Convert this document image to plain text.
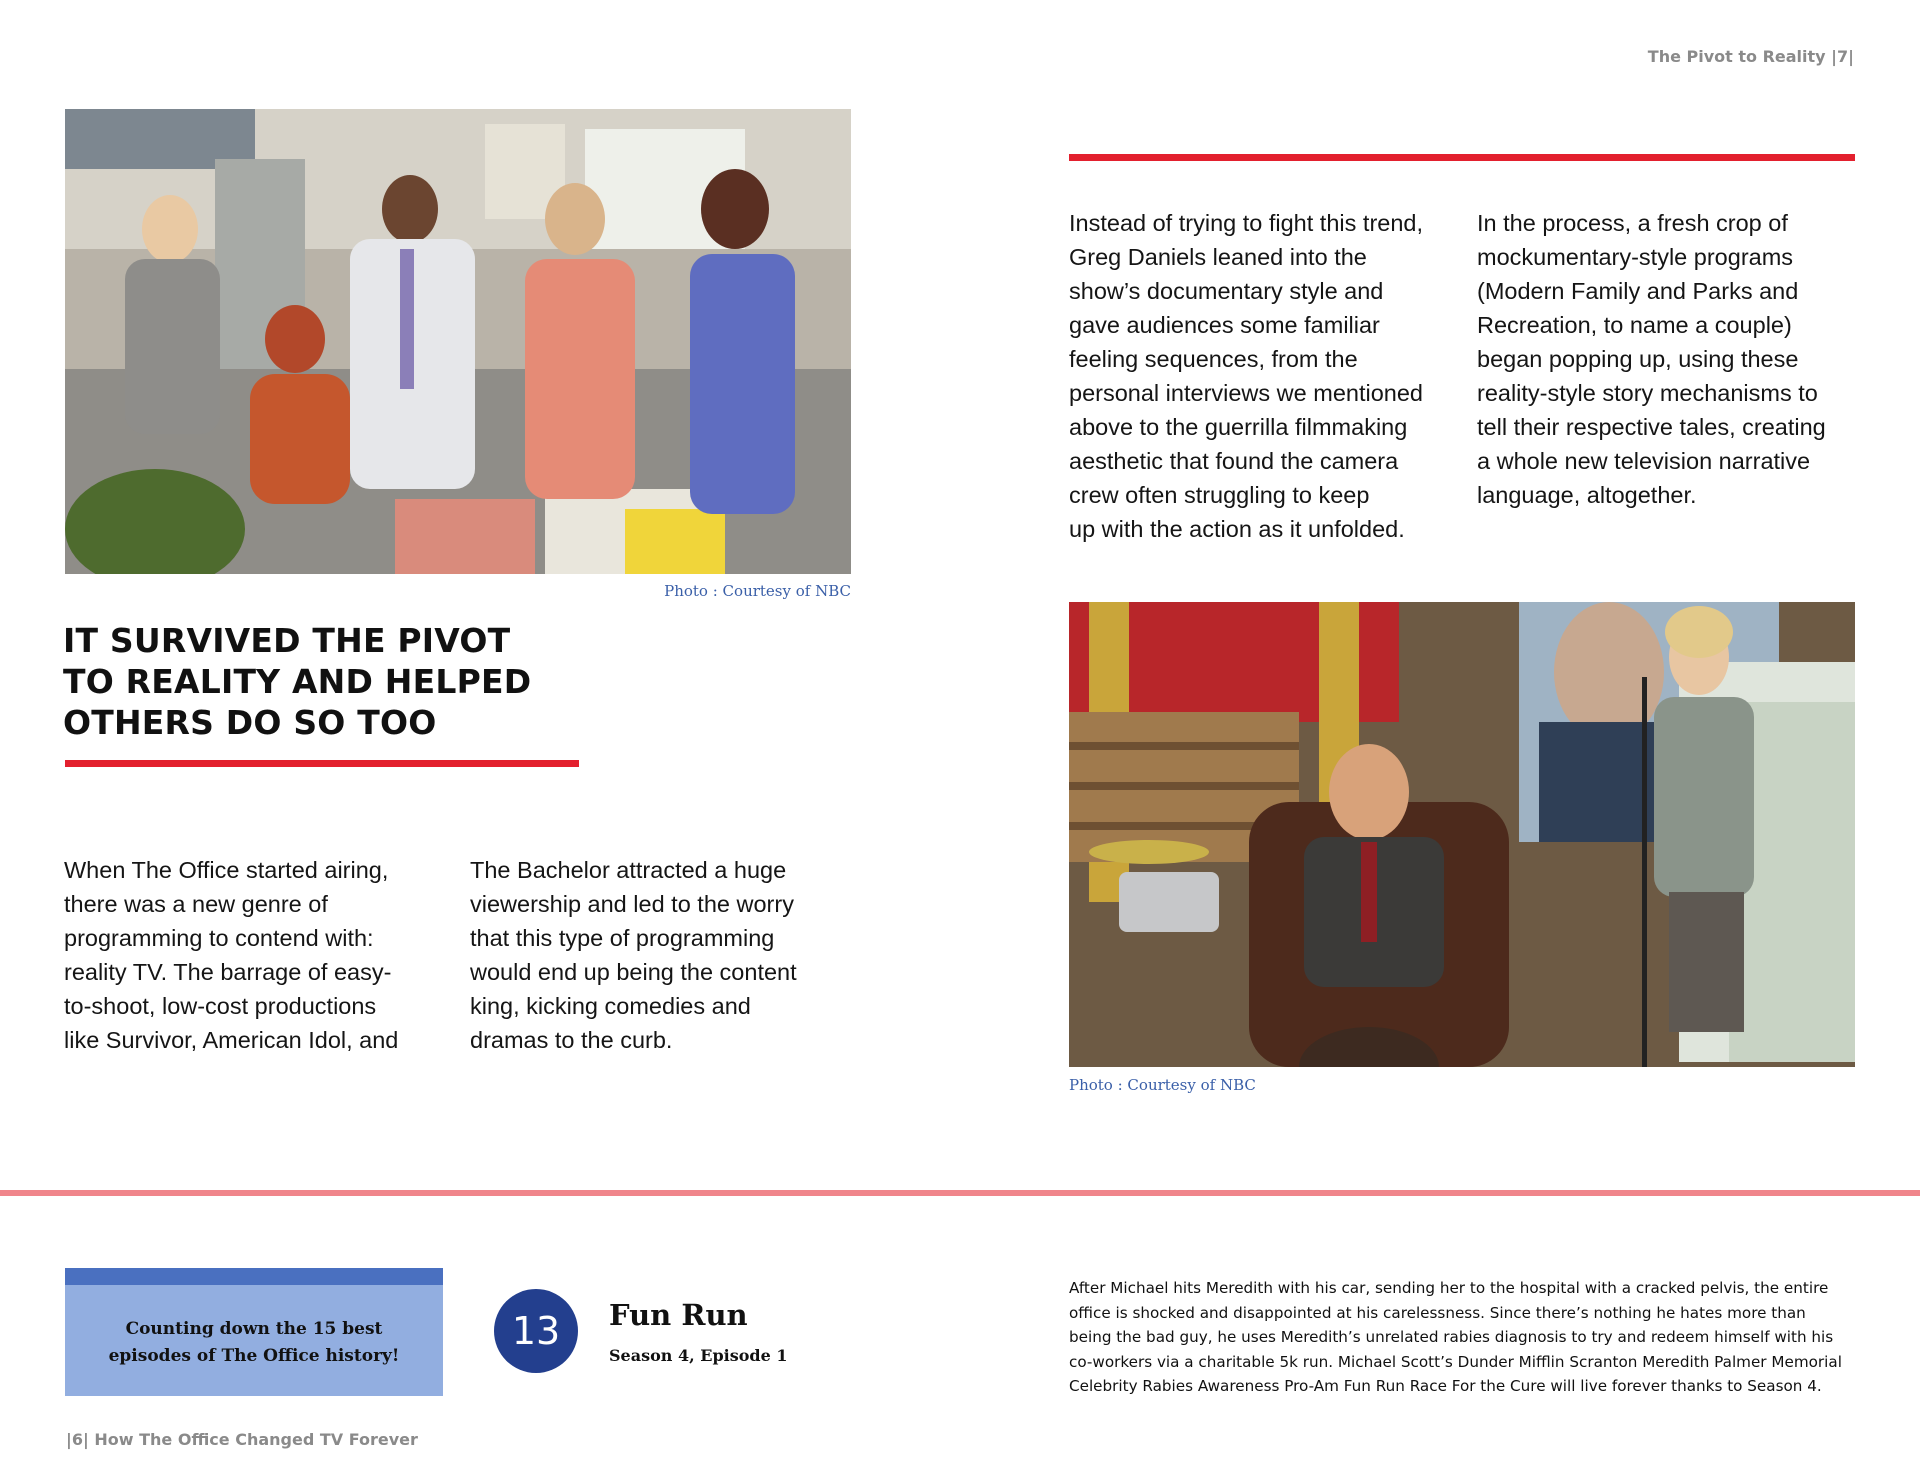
The Pivot to Reality |7|
|6| How The Office Changed TV Forever
Photo : Courtesy of NBC
IT SURVIVED THE PIVOT
TO REALITY AND HELPED
OTHERS DO SO TOO
When The Office started airing,
there was a new genre of
programming to contend with:
reality TV. The barrage of easy-
to-shoot, low-cost productions
like Survivor, American Idol, and
The Bachelor attracted a huge
viewership and led to the worry
that this type of programming
would end up being the content
king, kicking comedies and
dramas to the curb.
Instead of trying to fight this trend,
Greg Daniels leaned into the
show’s documentary style and
gave audiences some familiar
feeling sequences, from the
personal interviews we mentioned
above to the guerrilla filmmaking
aesthetic that found the camera
crew often struggling to keep
up with the action as it unfolded.
In the process, a fresh crop of
mockumentary-style programs
(Modern Family and Parks and
Recreation, to name a couple)
began popping up, using these
reality-style story mechanisms to
tell their respective tales, creating
a whole new television narrative
language, altogether.
Photo : Courtesy of NBC
Counting down the 15 best
episodes of The Office history!
13	Fun Run
Season 4, Episode 1
After Michael hits Meredith with his car, sending her to the hospital with a cracked pelvis, the entire
office is shocked and disappointed at his carelessness. Since there’s nothing he hates more than
being the bad guy, he uses Meredith’s unrelated rabies diagnosis to try and redeem himself with his
co-workers via a charitable 5k run. Michael Scott’s Dunder Mifflin Scranton Meredith Palmer Memorial
Celebrity Rabies Awareness Pro-Am Fun Run Race For the Cure will live forever thanks to Season 4.
